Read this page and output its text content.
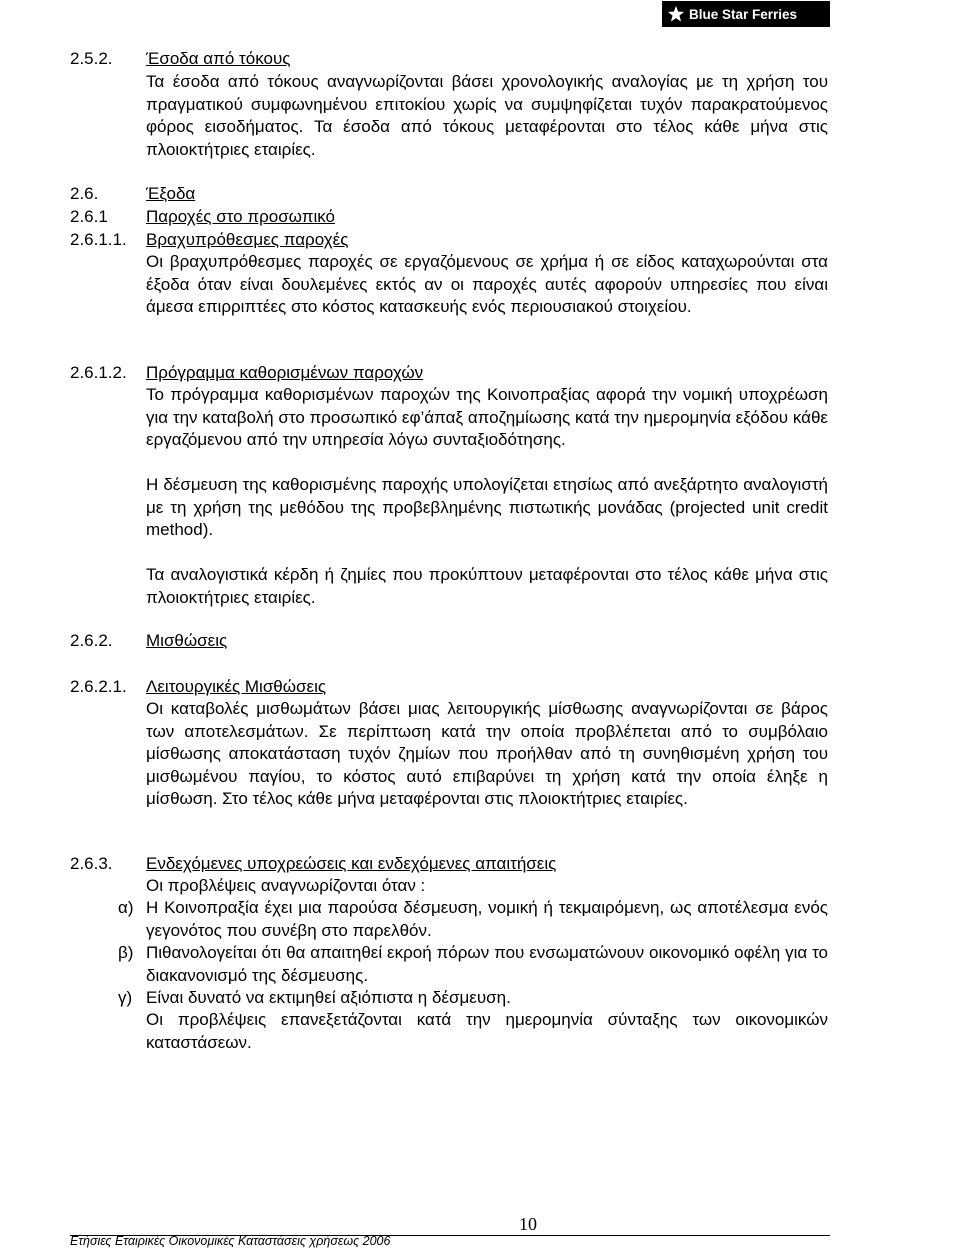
Blue Star Ferries
2.5.2. Έσοδα από τόκους
Τα έσοδα από τόκους αναγνωρίζονται βάσει χρονολογικής αναλογίας με τη χρήση του πραγματικού συμφωνημένου επιτοκίου χωρίς να συμψηφίζεται τυχόν παρακρατούμενος φόρος εισοδήματος. Τα έσοδα από τόκους μεταφέρονται στο τέλος κάθε μήνα στις πλοιοκτήτριες εταιρίες.
2.6.	Έξοδα
2.6.1 Παροχές στο προσωπικό
2.6.1.1. Βραχυπρόθεσμες παροχές
Οι βραχυπρόθεσμες παροχές σε εργαζόμενους σε χρήμα ή σε είδος καταχωρούνται στα έξοδα όταν είναι δουλεμένες εκτός αν οι παροχές αυτές αφορούν υπηρεσίες που είναι άμεσα επιρριπτέες στο κόστος κατασκευής ενός περιουσιακού στοιχείου.
2.6.1.2. Πρόγραμμα καθορισμένων παροχών
Το πρόγραμμα καθορισμένων παροχών της Κοινοπραξίας αφορά την νομική υποχρέωση για την καταβολή στο προσωπικό εφ’άπαξ αποζημίωσης κατά την ημερομηνία εξόδου κάθε εργαζόμενου από την υπηρεσία λόγω συνταξιοδότησης.
Η δέσμευση της καθορισμένης παροχής υπολογίζεται ετησίως από ανεξάρτητο αναλογιστή με τη χρήση της μεθόδου της προβεβλημένης πιστωτικής μονάδας (projected unit credit method).
Τα αναλογιστικά κέρδη ή ζημίες που προκύπτουν μεταφέρονται στο τέλος κάθε μήνα στις πλοιοκτήτριες εταιρίες.
2.6.2. Μισθώσεις
2.6.2.1. Λειτουργικές Μισθώσεις
Οι καταβολές μισθωμάτων βάσει μιας λειτουργικής μίσθωσης αναγνωρίζονται σε βάρος των αποτελεσμάτων. Σε περίπτωση κατά την οποία προβλέπεται από το συμβόλαιο μίσθωσης αποκατάσταση τυχόν ζημίων που προήλθαν από τη συνηθισμένη χρήση του μισθωμένου παγίου, το κόστος αυτό επιβαρύνει τη χρήση κατά την οποία έληξε η μίσθωση. Στο τέλος κάθε μήνα μεταφέρονται στις πλοιοκτήτριες εταιρίες.
2.6.3. Ενδεχόμενες υποχρεώσεις και ενδεχόμενες απαιτήσεις
Οι προβλέψεις αναγνωρίζονται όταν :
α) Η Κοινοπραξία έχει μια παρούσα δέσμευση, νομική ή τεκμαιρόμενη, ως αποτέλεσμα ενός γεγονότος που συνέβη στο παρελθόν.
β) Πιθανολογείται ότι θα απαιτηθεί εκροή πόρων που ενσωματώνουν οικονομικό οφέλη για το διακανονισμό της δέσμευσης.
γ) Είναι δυνατό να εκτιμηθεί αξιόπιστα η δέσμευση.
Οι προβλέψεις επανεξετάζονται κατά την ημερομηνία σύνταξης των οικονομικών καταστάσεων.
10
Ετήσιες Εταιρικές Οικονομικές Καταστάσεις χρήσεως 2006
